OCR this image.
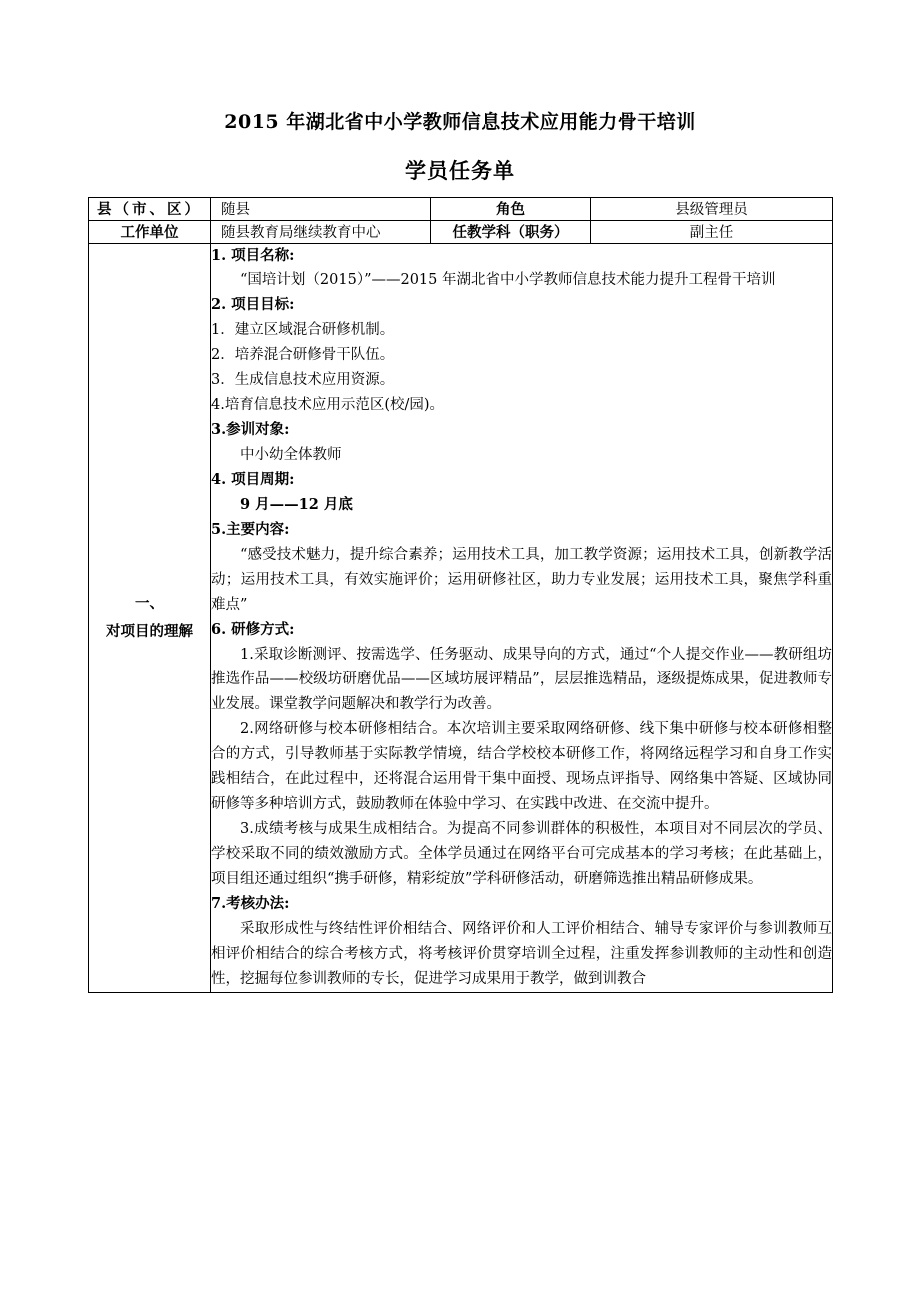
2015 年湖北省中小学教师信息技术应用能力骨干培训
学员任务单
县（市、区）	随县	角色	县级管理员
工作单位	随县教育局继续教育中心	任教学科（职务）	副主任

一、
对项目的理解

1. 项目名称:

“国培计划（2015）”——2015 年湖北省中小学教师信息技术能力提升工程骨干培训

2. 项目目标:

1．建立区域混合研修机制。

2．培养混合研修骨干队伍。

3．生成信息技术应用资源。

4.培育信息技术应用示范区(校/园)。

3.参训对象:

中小幼全体教师

4. 项目周期:

9 月——12 月底

5.主要内容:

“感受技术魅力，提升综合素养；运用技术工具，加工教学资源；运用技术工具，创新教学活动；运用技术工具，有效实施评价；运用研修社区，助力专业发展；运用技术工具，聚焦学科重难点”

6. 研修方式:

1.采取诊断测评、按需选学、任务驱动、成果导向的方式，通过“个人提交作业——教研组坊推选作品——校级坊研磨优品——区域坊展评精品”，层层推选精品，逐级提炼成果，促进教师专业发展。课堂教学问题解决和教学行为改善。

2.网络研修与校本研修相结合。本次培训主要采取网络研修、线下集中研修与校本研修相整合的方式，引导教师基于实际教学情境，结合学校校本研修工作，将网络远程学习和自身工作实践相结合，在此过程中，还将混合运用骨干集中面授、现场点评指导、网络集中答疑、区域协同研修等多种培训方式，鼓励教师在体验中学习、在实践中改进、在交流中提升。

3.成绩考核与成果生成相结合。为提高不同参训群体的积极性，本项目对不同层次的学员、学校采取不同的绩效激励方式。全体学员通过在网络平台可完成基本的学习考核；在此基础上，项目组还通过组织“携手研修，精彩绽放”学科研修活动，研磨筛选推出精品研修成果。

7.考核办法:

采取形成性与终结性评价相结合、网络评价和人工评价相结合、辅导专家评价与参训教师互相评价相结合的综合考核方式，将考核评价贯穿培训全过程，注重发挥参训教师的主动性和创造性，挖掘每位参训教师的专长，促进学习成果用于教学，做到训教合
